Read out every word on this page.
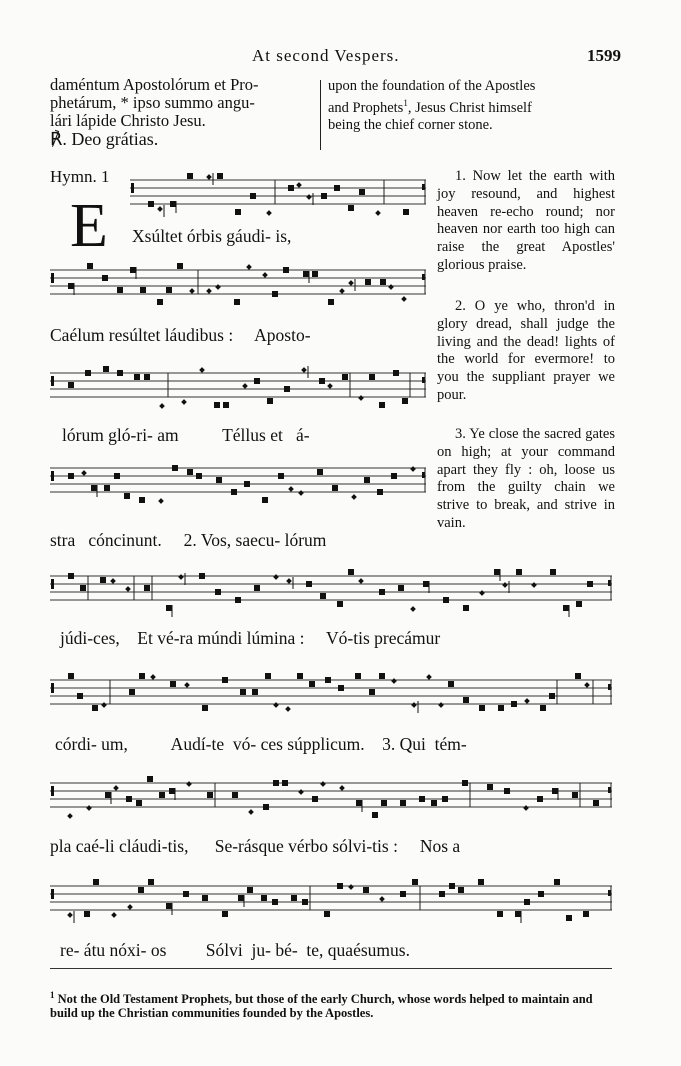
At second Vespers.	1599
daméntum Apostolórum et Pro-
phetárum, * ipso summo angu-
lári lápide Christo Jesu.
℟. Deo grátias.
upon the foundation of the Apostles
and Prophets$^1$, Jesus Christ himself
being the chief corner stone.
Hymn. 1
E Xsúltet órbis gáudi- is,
Caélum resúltet láudibus :     Aposto-
lórum gló-ri- am          Téllus et   á-
stra   cóncinunt.     2. Vos, saecu- lórum
júdi-ces,    Et vé-ra múndi lúmina :     Vó-tis precámur
córdi- um,          Audí-te  vó- ces súpplicum.    3. Qui  tém-
pla caé-li cláudi-tis,      Se-rásque vérbo sólvi-tis :     Nos a
re- átu nóxi- os         Sólvi  ju- bé-  te, quaésumus.
1. Now let the earth with joy resound, and highest heaven re-echo round; nor heaven nor earth too high can raise the great Apostles' glorious praise.
2. O ye who, thron'd in glory dread, shall judge the living and the dead! lights of the world for evermore! to you the suppliant prayer we pour.
3. Ye close the sacred gates on high; at your command apart they fly : oh, loose us from the guilty chain we strive to break, and strive in vain.
$^1$ Not the Old Testament Prophets, but those of the early Church, whose words helped to maintain and build up the Christian communities founded by the Apostles.
